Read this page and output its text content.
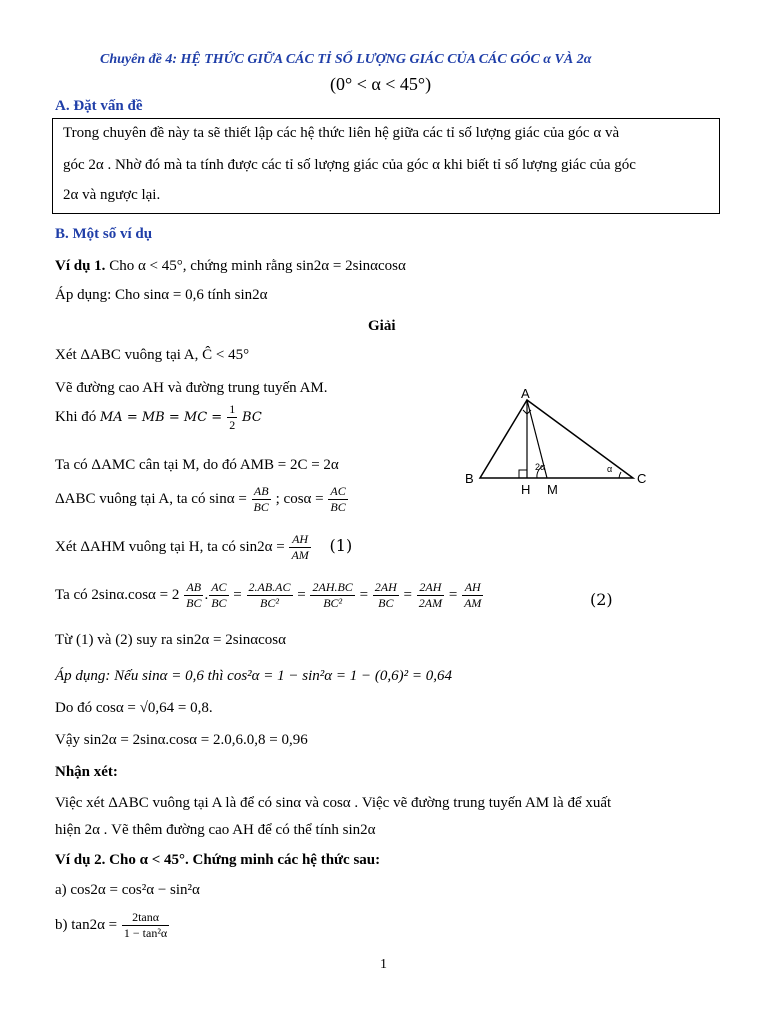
Chuyên đề 4: HỆ THỨC GIỮA CÁC TỈ SỐ LƯỢNG GIÁC CỦA CÁC GÓC α VÀ 2α
(0° < α < 45°)
A. Đặt vấn đề
Trong chuyên đề này ta sẽ thiết lập các hệ thức liên hệ giữa các tỉ số lượng giác của góc α và
góc 2α . Nhờ đó mà ta tính được các tỉ số lượng giác của góc α khi biết tỉ số lượng giác của góc
2α và ngược lại.
B. Một số ví dụ
Ví dụ 1. Cho α < 45°, chứng minh rằng sin2α = 2sinαcosα
Áp dụng: Cho sinα = 0,6 tính sin2α
Giải
Xét ΔABC vuông tại A, Ĉ < 45°
Vẽ đường cao AH và đường trung tuyến AM.
Khi đó MA = MB = MC = $\frac{1}{2}$ BC
Ta có ΔAMC cân tại M, do đó AMB = 2C = 2α
ΔABC vuông tại A, ta có $\sin\alpha = \frac{AB}{BC}$ ; $\cos\alpha = \frac{AC}{BC}$
Xét ΔAHM vuông tại H, ta có $\sin 2\alpha = \frac{AH}{AM} (1)$
Ta có $2\sin\alpha.\cos\alpha = 2 \frac{AB}{BC}$ . $\frac{AC}{BC} = \frac{2.AB.AC}{\text{BC²}} = \frac{2AH.BC}{\text{BC²}} = \frac{2AH}{BC} = \frac{2AH}{2AM} = \frac{AH}{AM}$	(2)
Từ (1) và (2) suy ra sin2α = 2sinαcosα
Áp dụng: Nếu sinα = 0,6 thì cos²α = 1 − sin²α = 1 − (0,6)² = 0,64
Do đó cosα = √0,64 = 0,8.
Vậy sin2α = 2sinα.cosα = 2.0,6.0,8 = 0,96
Nhận xét:
Việc xét ΔABC vuông tại A là để có sinα và cosα . Việc vẽ đường trung tuyến AM là để xuất
hiện 2α . Vẽ thêm đường cao AH để có thể tính sin2α
Ví dụ 2. Cho α < 45°. Chứng minh các hệ thức sau:
a) cos2α = cos²α − sin²α
b) $\tan 2\alpha = \frac{2\tan\alpha}{\text{1 − tan²α}}$
A
B	C
H M
2α	α
1
